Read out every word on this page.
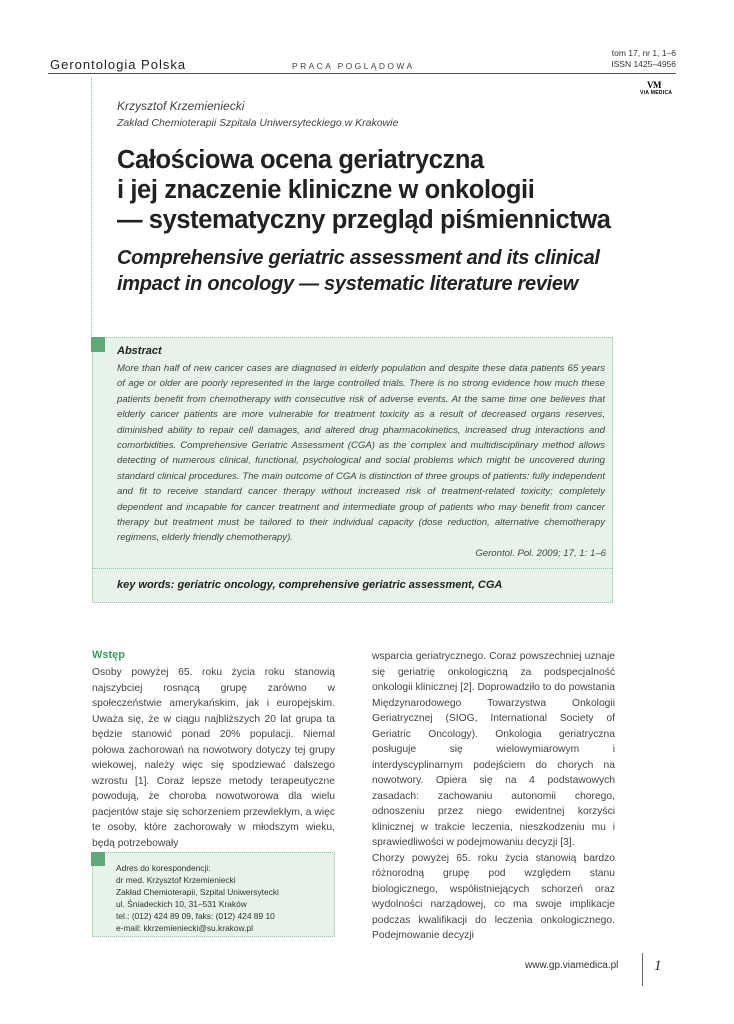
Gerontologia Polska	PRACA POGLĄDOWA
tom 17, nr 1, 1–6
ISSN 1425–4956
VM
VIA MEDICA
Krzysztof Krzemieniecki
Zakład Chemioterapii Szpitala Uniwersyteckiego w Krakowie
Całościowa ocena geriatryczna
i jej znaczenie kliniczne w onkologii
— systematyczny przegląd piśmiennictwa
Comprehensive geriatric assessment and its clinical
impact in oncology — systematic literature review
Abstract

More than half of new cancer cases are diagnosed in elderly population and despite these data patients 65 years of age or older are poorly represented in the large controlled trials. There is no strong evidence how much these patients benefit from chemotherapy with consecutive risk of adverse events. At the same time one believes that elderly cancer patients are more vulnerable for treatment toxicity as a result of decreased organs reserves, diminished ability to repair cell damages, and altered drug pharmacokinetics, increased drug interactions and comorbidities. Comprehensive Geriatric Assessment (CGA) as the complex and multidisciplinary method allows detecting of numerous clinical, functional, psychological and social problems which might be uncovered during standard clinical procedures. The main outcome of CGA is distinction of three groups of patients: fully independent and fit to receive standard cancer therapy without increased risk of treatment-related toxicity; completely dependent and incapable for cancer treatment and intermediate group of patients who may benefit from cancer therapy but treatment must be tailored to their individual capacity (dose reduction, alternative chemotherapy regimens, elderly friendly chemotherapy).

Gerontol. Pol. 2009; 17, 1: 1–6
key words: geriatric oncology, comprehensive geriatric assessment, CGA
Wstęp

Osoby powyżej 65. roku życia roku stanowią najszybciej rosnącą grupę zarówno w społeczeństwie amerykańskim, jak i europejskim. Uważa się, że w ciągu najbliższych 20 lat grupa ta będzie stanowić ponad 20% populacji. Niemal połowa zachorowań na nowotwory dotyczy tej grupy wiekowej, należy więc się spodziewać dalszego wzrostu [1]. Coraz lepsze metody terapeutyczne powodują, że choroba nowotworowa dla wielu pacjentów staje się schorzeniem przewlekłym, a więc te osoby, które zachorowały w młodszym wieku, będą potrzebowały

wsparcia geriatrycznego. Coraz powszechniej uznaje się geriatrię onkologiczną za podspecjalność onkologii klinicznej [2]. Doprowadziło to do powstania Międzynarodowego Towarzystwa Onkologii Geriatrycznej (SIOG, International Society of Geriatric Oncology). Onkologia geriatryczna posługuje się wielowymiarowym i interdyscyplinarnym podejściem do chorych na nowotwory. Opiera się na 4 podstawowych zasadach: zachowaniu autonomii chorego, odnoszeniu przez niego ewidentnej korzyści klinicznej w trakcie leczenia, nieszkodzeniu mu i sprawiedliwości w podejmowaniu decyzji [3].
Chorzy powyżej 65. roku życia stanowią bardzo różnorodną grupę pod względem stanu biologicznego, współistniejących schorzeń oraz wydolności narządowej, co ma swoje implikacje podczas kwalifikacji do leczenia onkologicznego. Podejmowanie decyzji
Adres do korespondencji:
dr med. Krzysztof Krzemieniecki
Zakład Chemioterapii, Szpital Uniwersytecki
ul. Śniadeckich 10, 31–531 Kraków
tel.: (012) 424 89 09, faks: (012) 424 89 10
e-mail: kkrzemieniecki@su.krakow.pl
www.gp.viamedica.pl 1
